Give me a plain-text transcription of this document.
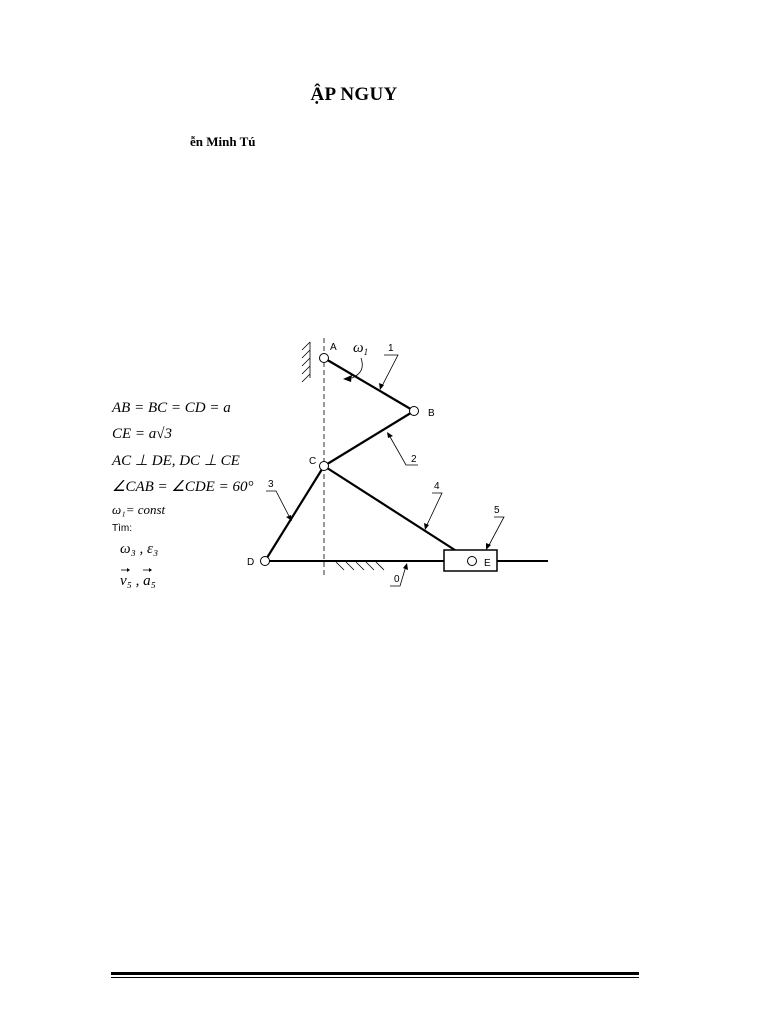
ẬP NGUY
ễn Minh Tú
A
B
C
D	E
$\omega_1$ 1
2
3	4
5
0
AB = BC = CD = a
CE = a√3
AC ⊥ DE, DC ⊥ CE
∠CAB = ∠CDE = 60°
ω₁= const
Tìm:
ω₃ , ε₃
v₅ , a₅
